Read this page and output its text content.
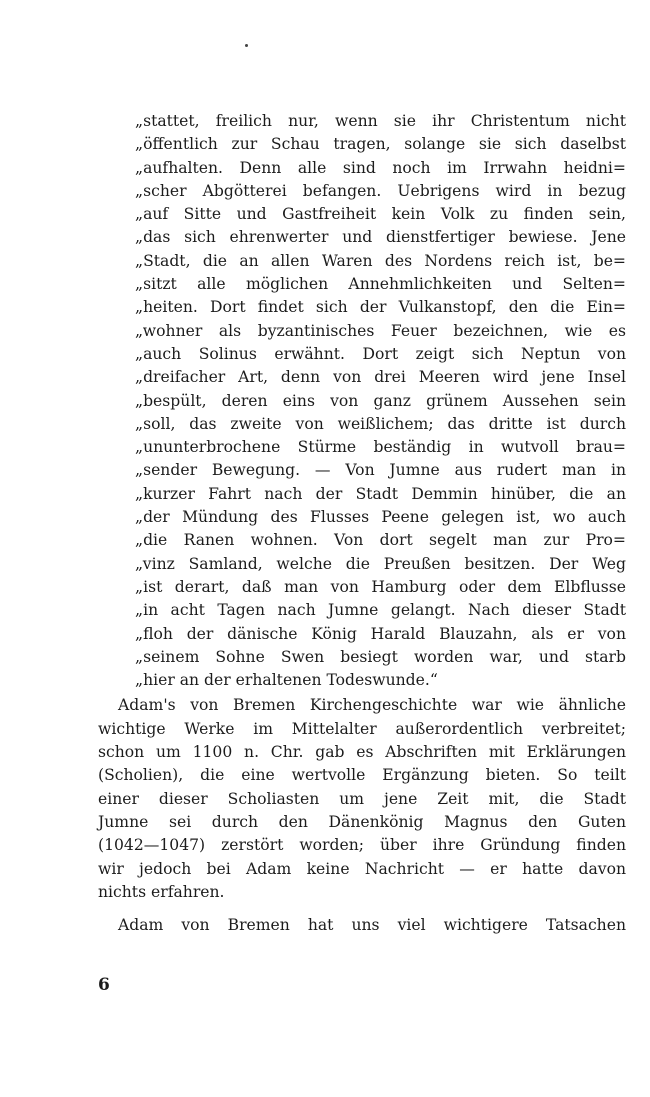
„stattet, freilich nur, wenn sie ihr Christentum nicht
„öffentlich zur Schau tragen, solange sie sich daselbst
„aufhalten. Denn alle sind noch im Irrwahn heidni=
„scher Abgötterei befangen. Uebrigens wird in bezug
„auf Sitte und Gastfreiheit kein Volk zu finden sein,
„das sich ehrenwerter und dienstfertiger bewiese. Jene
„Stadt, die an allen Waren des Nordens reich ist, be=
„sitzt alle möglichen Annehmlichkeiten und Selten=
„heiten. Dort findet sich der Vulkanstopf, den die Ein=
„wohner als byzantinisches Feuer bezeichnen, wie es
„auch Solinus erwähnt. Dort zeigt sich Neptun von
„dreifacher Art, denn von drei Meeren wird jene Insel
„bespült, deren eins von ganz grünem Aussehen sein
„soll, das zweite von weißlichem; das dritte ist durch
„ununterbrochene Stürme beständig in wutvoll brau=
„sender Bewegung. — Von Jumne aus rudert man in
„kurzer Fahrt nach der Stadt Demmin hinüber, die an
„der Mündung des Flusses Peene gelegen ist, wo auch
„die Ranen wohnen. Von dort segelt man zur Pro=
„vinz Samland, welche die Preußen besitzen. Der Weg
„ist derart, daß man von Hamburg oder dem Elbflusse
„in acht Tagen nach Jumne gelangt. Nach dieser Stadt
„floh der dänische König Harald Blauzahn, als er von
„seinem Sohne Swen besiegt worden war, und starb
„hier an der erhaltenen Todeswunde.“
Adam's von Bremen Kirchengeschichte war wie ähnliche
wichtige Werke im Mittelalter außerordentlich verbreitet;
schon um 1100 n. Chr. gab es Abschriften mit Erklärungen
(Scholien), die eine wertvolle Ergänzung bieten. So teilt
einer dieser Scholiasten um jene Zeit mit, die Stadt
Jumne sei durch den Dänenkönig Magnus den Guten
(1042—1047) zerstört worden; über ihre Gründung finden
wir jedoch bei Adam keine Nachricht — er hatte davon
nichts erfahren.
Adam von Bremen hat uns viel wichtigere Tatsachen
6
